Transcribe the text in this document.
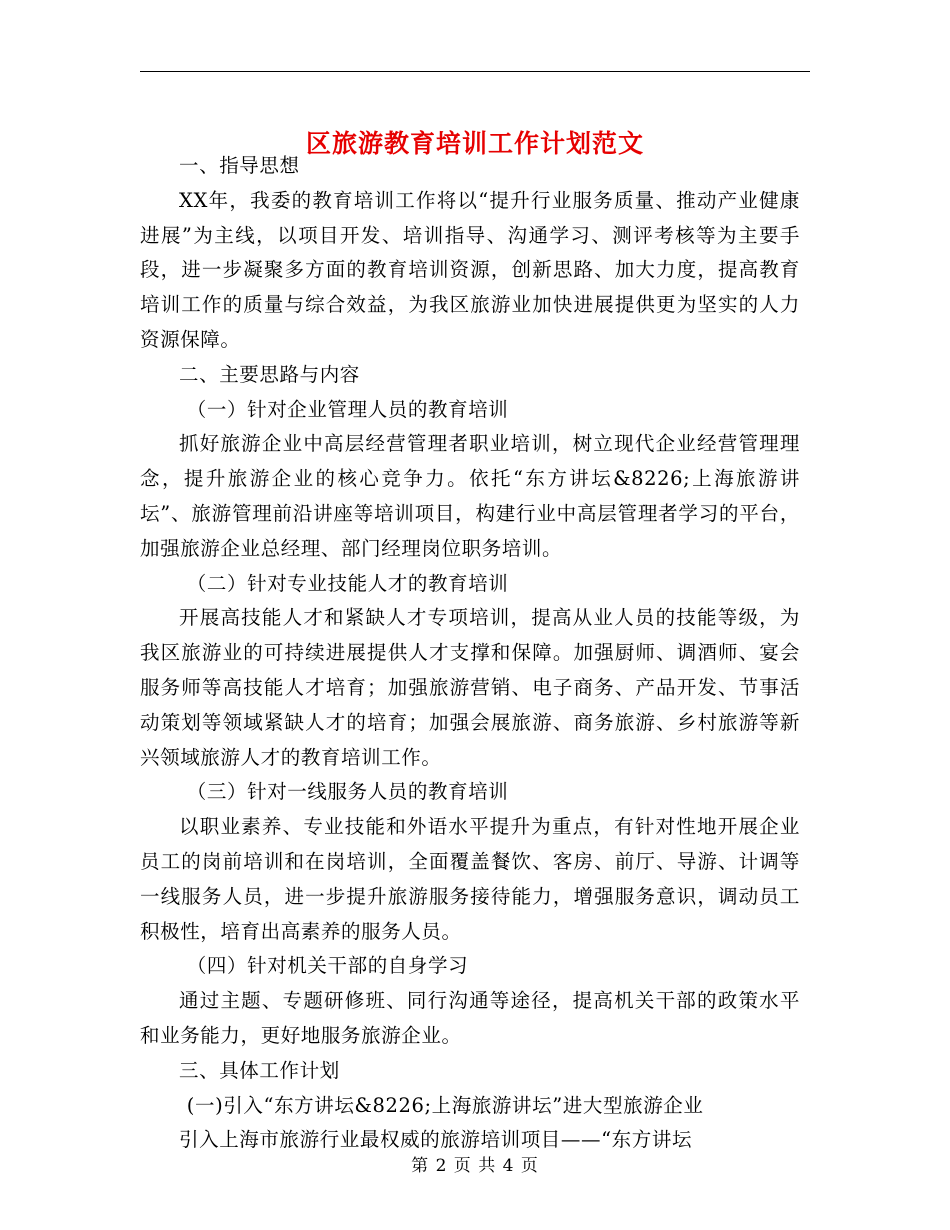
区旅游教育培训工作计划范文

一、指导思想

XX年，我委的教育培训工作将以“提升行业服务质量、推动产业健康进展”为主线，以项目开发、培训指导、沟通学习、测评考核等为主要手段，进一步凝聚多方面的教育培训资源，创新思路、加大力度，提高教育培训工作的质量与综合效益，为我区旅游业加快进展提供更为坚实的人力资源保障。

二、主要思路与内容

（一）针对企业管理人员的教育培训

抓好旅游企业中高层经营管理者职业培训，树立现代企业经营管理理念，提升旅游企业的核心竞争力。依托“东方讲坛&8226;上海旅游讲坛”、旅游管理前沿讲座等培训项目，构建行业中高层管理者学习的平台，加强旅游企业总经理、部门经理岗位职务培训。

（二）针对专业技能人才的教育培训

开展高技能人才和紧缺人才专项培训，提高从业人员的技能等级，为我区旅游业的可持续进展提供人才支撑和保障。加强厨师、调酒师、宴会服务师等高技能人才培育；加强旅游营销、电子商务、产品开发、节事活动策划等领域紧缺人才的培育；加强会展旅游、商务旅游、乡村旅游等新兴领域旅游人才的教育培训工作。

（三）针对一线服务人员的教育培训

以职业素养、专业技能和外语水平提升为重点，有针对性地开展企业员工的岗前培训和在岗培训，全面覆盖餐饮、客房、前厅、导游、计调等一线服务人员，进一步提升旅游服务接待能力，增强服务意识，调动员工积极性，培育出高素养的服务人员。

（四）针对机关干部的自身学习

通过主题、专题研修班、同行沟通等途径，提高机关干部的政策水平和业务能力，更好地服务旅游企业。

三、具体工作计划

(一)引入“东方讲坛&8226;上海旅游讲坛”进大型旅游企业

引入上海市旅游行业最权威的旅游培训项目——“东方讲坛

第 2 页 共 4 页
